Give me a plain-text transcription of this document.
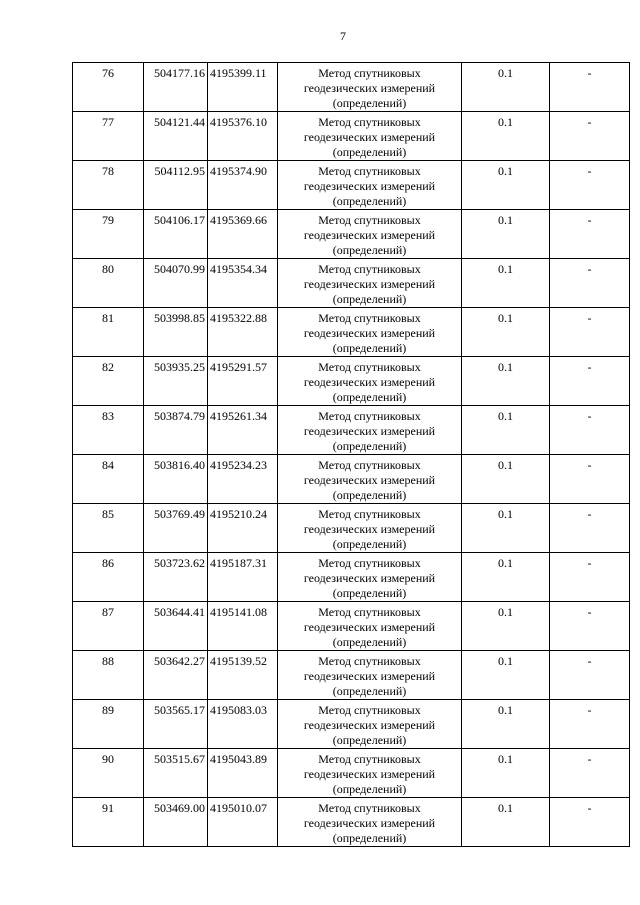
7
76	504177.16	4195399.11	Метод спутниковых
геодезических измерений
(определений)	0.1	-

77	504121.44	4195376.10	Метод спутниковых
геодезических измерений
(определений)	0.1	-

78	504112.95	4195374.90	Метод спутниковых
геодезических измерений
(определений)	0.1	-

79	504106.17	4195369.66	Метод спутниковых
геодезических измерений
(определений)	0.1	-

80	504070.99	4195354.34	Метод спутниковых
геодезических измерений
(определений)	0.1	-

81	503998.85	4195322.88	Метод спутниковых
геодезических измерений
(определений)	0.1	-

82	503935.25	4195291.57	Метод спутниковых
геодезических измерений
(определений)	0.1	-

83	503874.79	4195261.34	Метод спутниковых
геодезических измерений
(определений)	0.1	-

84	503816.40	4195234.23	Метод спутниковых
геодезических измерений
(определений)	0.1	-

85	503769.49	4195210.24	Метод спутниковых
геодезических измерений
(определений)	0.1	-

86	503723.62	4195187.31	Метод спутниковых
геодезических измерений
(определений)	0.1	-

87	503644.41	4195141.08	Метод спутниковых
геодезических измерений
(определений)	0.1	-

88	503642.27	4195139.52	Метод спутниковых
геодезических измерений
(определений)	0.1	-

89	503565.17	4195083.03	Метод спутниковых
геодезических измерений
(определений)	0.1	-

90	503515.67	4195043.89	Метод спутниковых
геодезических измерений
(определений)	0.1	-

91	503469.00	4195010.07	Метод спутниковых
геодезических измерений
(определений)	0.1	-
